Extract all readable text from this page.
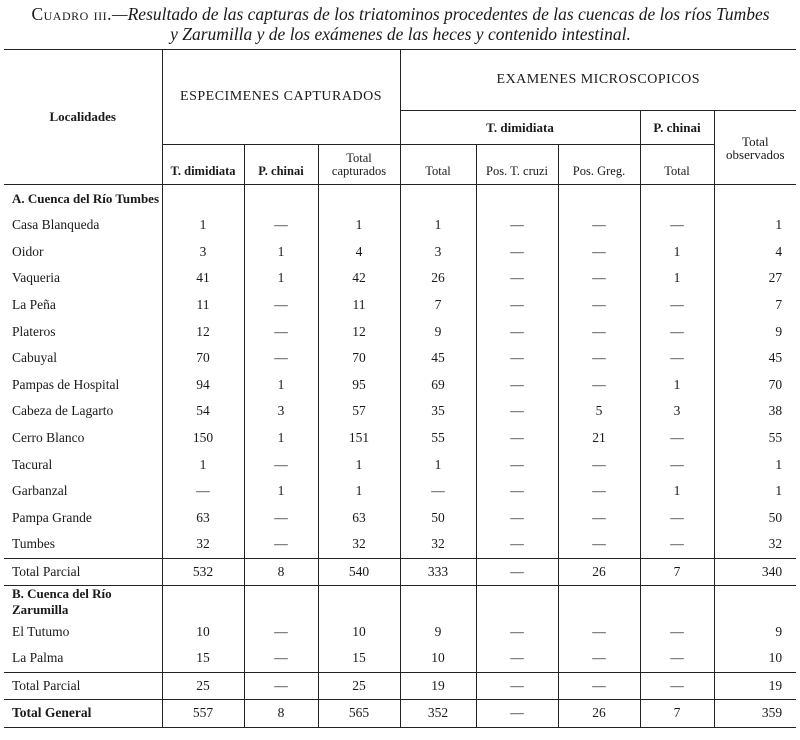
Cuadro iii.—Resultado de las capturas de los triatominos procedentes de las cuencas de los ríos Tumbes
y Zarumilla y de los exámenes de las heces y contenido intestinal.
Localidades	ESPECIMENES CAPTURADOS			EXAMENES MICROSCOPICOS				
				T. dimidiata			P. chinai	Total observados
	T. dimidiata	P. chinai	Total capturados	Total	Pos. T. cruzi	Pos. Greg.	Total	
A. Cuenca del Río Tumbes								
Casa Blanqueda	1	—	1	1	—	—	—	1
Oidor	3	1	4	3	—	—	1	4
Vaqueria	41	1	42	26	—	—	1	27
La Peña	11	—	11	7	—	—	—	7
Plateros	12	—	12	9	—	—	—	9
Cabuyal	70	—	70	45	—	—	—	45
Pampas de Hospital	94	1	95	69	—	—	1	70
Cabeza de Lagarto	54	3	57	35	—	5	3	38
Cerro Blanco	150	1	151	55	—	21	—	55
Tacural	1	—	1	1	—	—	—	1
Garbanzal	—	1	1	—	—	—	1	1
Pampa Grande	63	—	63	50	—	—	—	50
Tumbes	32	—	32	32	—	—	—	32
Total Parcial	532	8	540	333	—	26	7	340
B. Cuenca del Río Zarumilla								
El Tutumo	10	—	10	9	—	—	—	9
La Palma	15	—	15	10	—	—	—	10
Total Parcial	25	—	25	19	—	—	—	19
Total General	557	8	565	352	—	26	7	359
